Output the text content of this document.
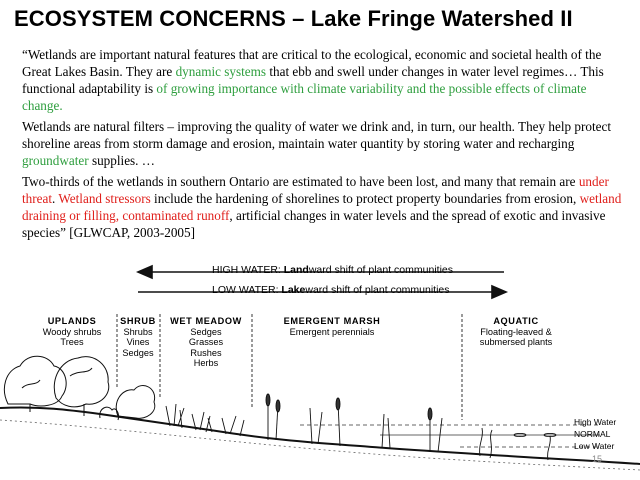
ECOSYSTEM CONCERNS – Lake Fringe Watershed II

“Wetlands are important natural features that are critical to the ecological, economic and societal health of the Great Lakes Basin. They are dynamic systems that ebb and swell under changes in water level regimes… This functional adaptability is of growing importance with climate variability and the possible effects of climate change.

Wetlands are natural filters – improving the quality of water we drink and, in turn, our health. They help protect shoreline areas from storm damage and erosion, maintain water quantity by storing water and recharging groundwater supplies. …

Two-thirds of the wetlands in southern Ontario are estimated to have been lost, and many that remain are under threat. Wetland stressors include the hardening of shorelines to protect property boundaries from erosion, wetland draining or filling, contaminated runoff, artificial changes in water levels and the spread of exotic and invasive species” [GLWCAP, 2003-2005]

HIGH WATER: Landward shift of plant communities
LOW WATER: Lakeward shift of plant communities
UPLANDS
Woody shrubs
Trees
SHRUB
Shrubs
Vines
Sedges
WET MEADOW
Sedges
Grasses
Rushes
Herbs
EMERGENT MARSH
Emergent perennials
AQUATIC
Floating-leaved &
submersed plants
High Water
NORMAL
Low Water
15
